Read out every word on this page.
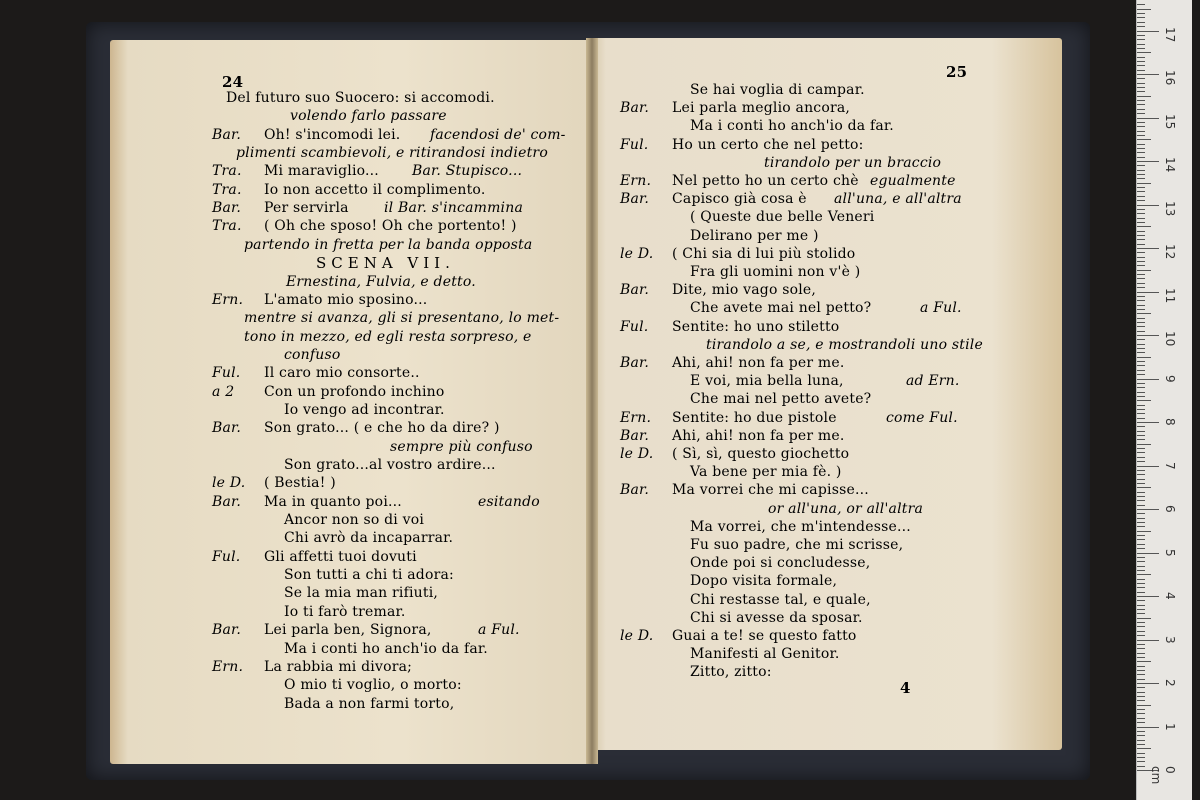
24
Del futuro suo Suocero: si accomodi.
volendo farlo passare
Bar. Oh! s'incomodi lei. facendosi de' com-
plimenti scambievoli, e ritirandosi indietro
Tra. Mi maraviglio... Bar. Stupisco...
Tra. Io non accetto il complimento.
Bar. Per servirla	il Bar. s'incammina
Tra. ( Oh che sposo! Oh che portento! )
partendo in fretta per la banda opposta
SCENA VII.
Ernestina, Fulvia, e detto.
Ern. L'amato mio sposino...
mentre si avanza, gli si presentano, lo met-
tono in mezzo, ed egli resta sorpreso, e
confuso
Ful. Il caro mio consorte..
a 2 Con un profondo inchino
Io vengo ad incontrar.
Bar. Son grato... ( e che ho da dire? )
sempre più confuso
Son grato...al vostro ardire...
le D. ( Bestia! )
Bar. Ma in quanto poi...	esitando
Ancor non so di voi
Chi avrò da incaparrar.
Ful. Gli affetti tuoi dovuti
Son tutti a chi ti adora:
Se la mia man rifiuti,
Io ti farò tremar.
Bar. Lei parla ben, Signora,	a Ful.
Ma i conti ho anch'io da far.
Ern. La rabbia mi divora;
O mio ti voglio, o morto:
Bada a non farmi torto,
25
Se hai voglia di campar.
Bar. Lei parla meglio ancora,
Ma i conti ho anch'io da far.
Ful. Ho un certo che nel petto:
tirandolo per un braccio
Ern. Nel petto ho un certo chè egualmente
Bar. Capisco già cosa è all'una, e all'altra
( Queste due belle Veneri
Delirano per me )
le D. ( Chi sia di lui più stolido
Fra gli uomini non v'è )
Bar. Dite, mio vago sole,
Che avete mai nel petto?	a Ful.
Ful. Sentite: ho uno stiletto
tirandolo a se, e mostrandoli uno stile
Bar. Ahi, ahi! non fa per me.
E voi, mia bella luna,	ad Ern.
Che mai nel petto avete?
Ern. Sentite: ho due pistole	come Ful.
Bar. Ahi, ahi! non fa per me.
le D. ( Sì, sì, questo giochetto
Va bene per mia fè. )
Bar. Ma vorrei che mi capisse...
or all'una, or all'altra
Ma vorrei, che m'intendesse...
Fu suo padre, che mi scrisse,
Onde poi si concludesse,
Dopo visita formale,
Chi restasse tal, e quale,
Chi si avesse da sposar.
le D. Guai a te! se questo fatto
Manifesti al Genitor.
Zitto, zitto:
4
0 cm
1
2
3
4
5
6
7
8
9
10
11
12
13
14
15
16
17
